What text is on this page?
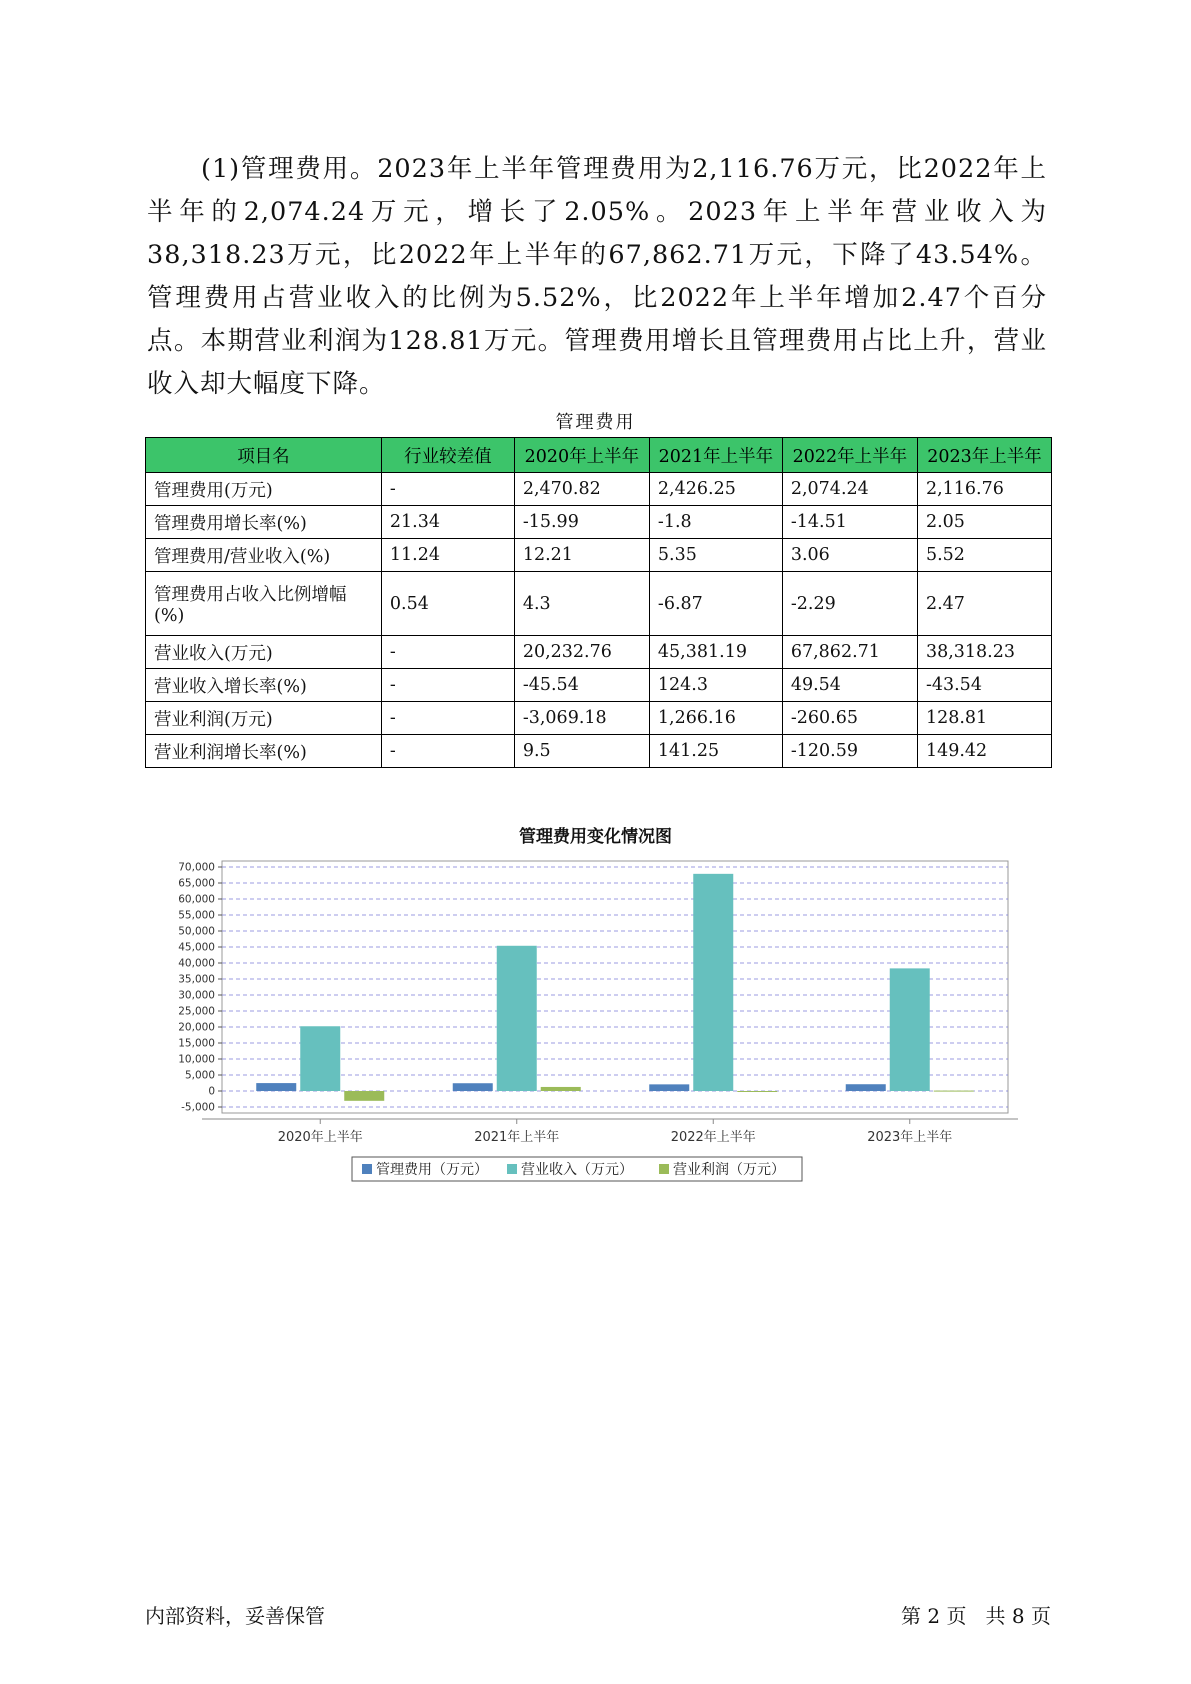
(1)管理费用。2023年上半年管理费用为2,116.76万元，比2022年上半年的2,074.24万元，增长了2.05%。2023年上半年营业收入为38,318.23万元，比2022年上半年的67,862.71万元，下降了43.54%。管理费用占营业收入的比例为5.52%，比2022年上半年增加2.47个百分点。本期营业利润为128.81万元。管理费用增长且管理费用占比上升，营业收入却大幅度下降。

管理费用
项目名	行业较差值	2020年上半年	2021年上半年	2022年上半年	2023年上半年
管理费用(万元)	-	2,470.82	2,426.25	2,074.24	2,116.76
管理费用增长率(%)	21.34	-15.99	-1.8	-14.51	2.05
管理费用/营业收入(%)	11.24	12.21	5.35	3.06	5.52
管理费用占收入比例增幅(%)	0.54	4.3	-6.87	-2.29	2.47
营业收入(万元)	-	20,232.76	45,381.19	67,862.71	38,318.23
营业收入增长率(%)	-	-45.54	124.3	49.54	-43.54
营业利润(万元)	-	-3,069.18	1,266.16	-260.65	128.81
营业利润增长率(%)	-	9.5	141.25	-120.59	149.42
管理费用变化情况图
70,000
65,000
60,000
55,000
50,000
45,000
40,000
35,000
30,000
25,000
20,000
15,000
10,000
5,000
0
-5,000
2020年上半年	2021年上半年	2022年上半年	2023年上半年
管理费用（万元） 营业收入（万元）	营业利润（万元）
内部资料，妥善保管	第 2 页   共 8 页
